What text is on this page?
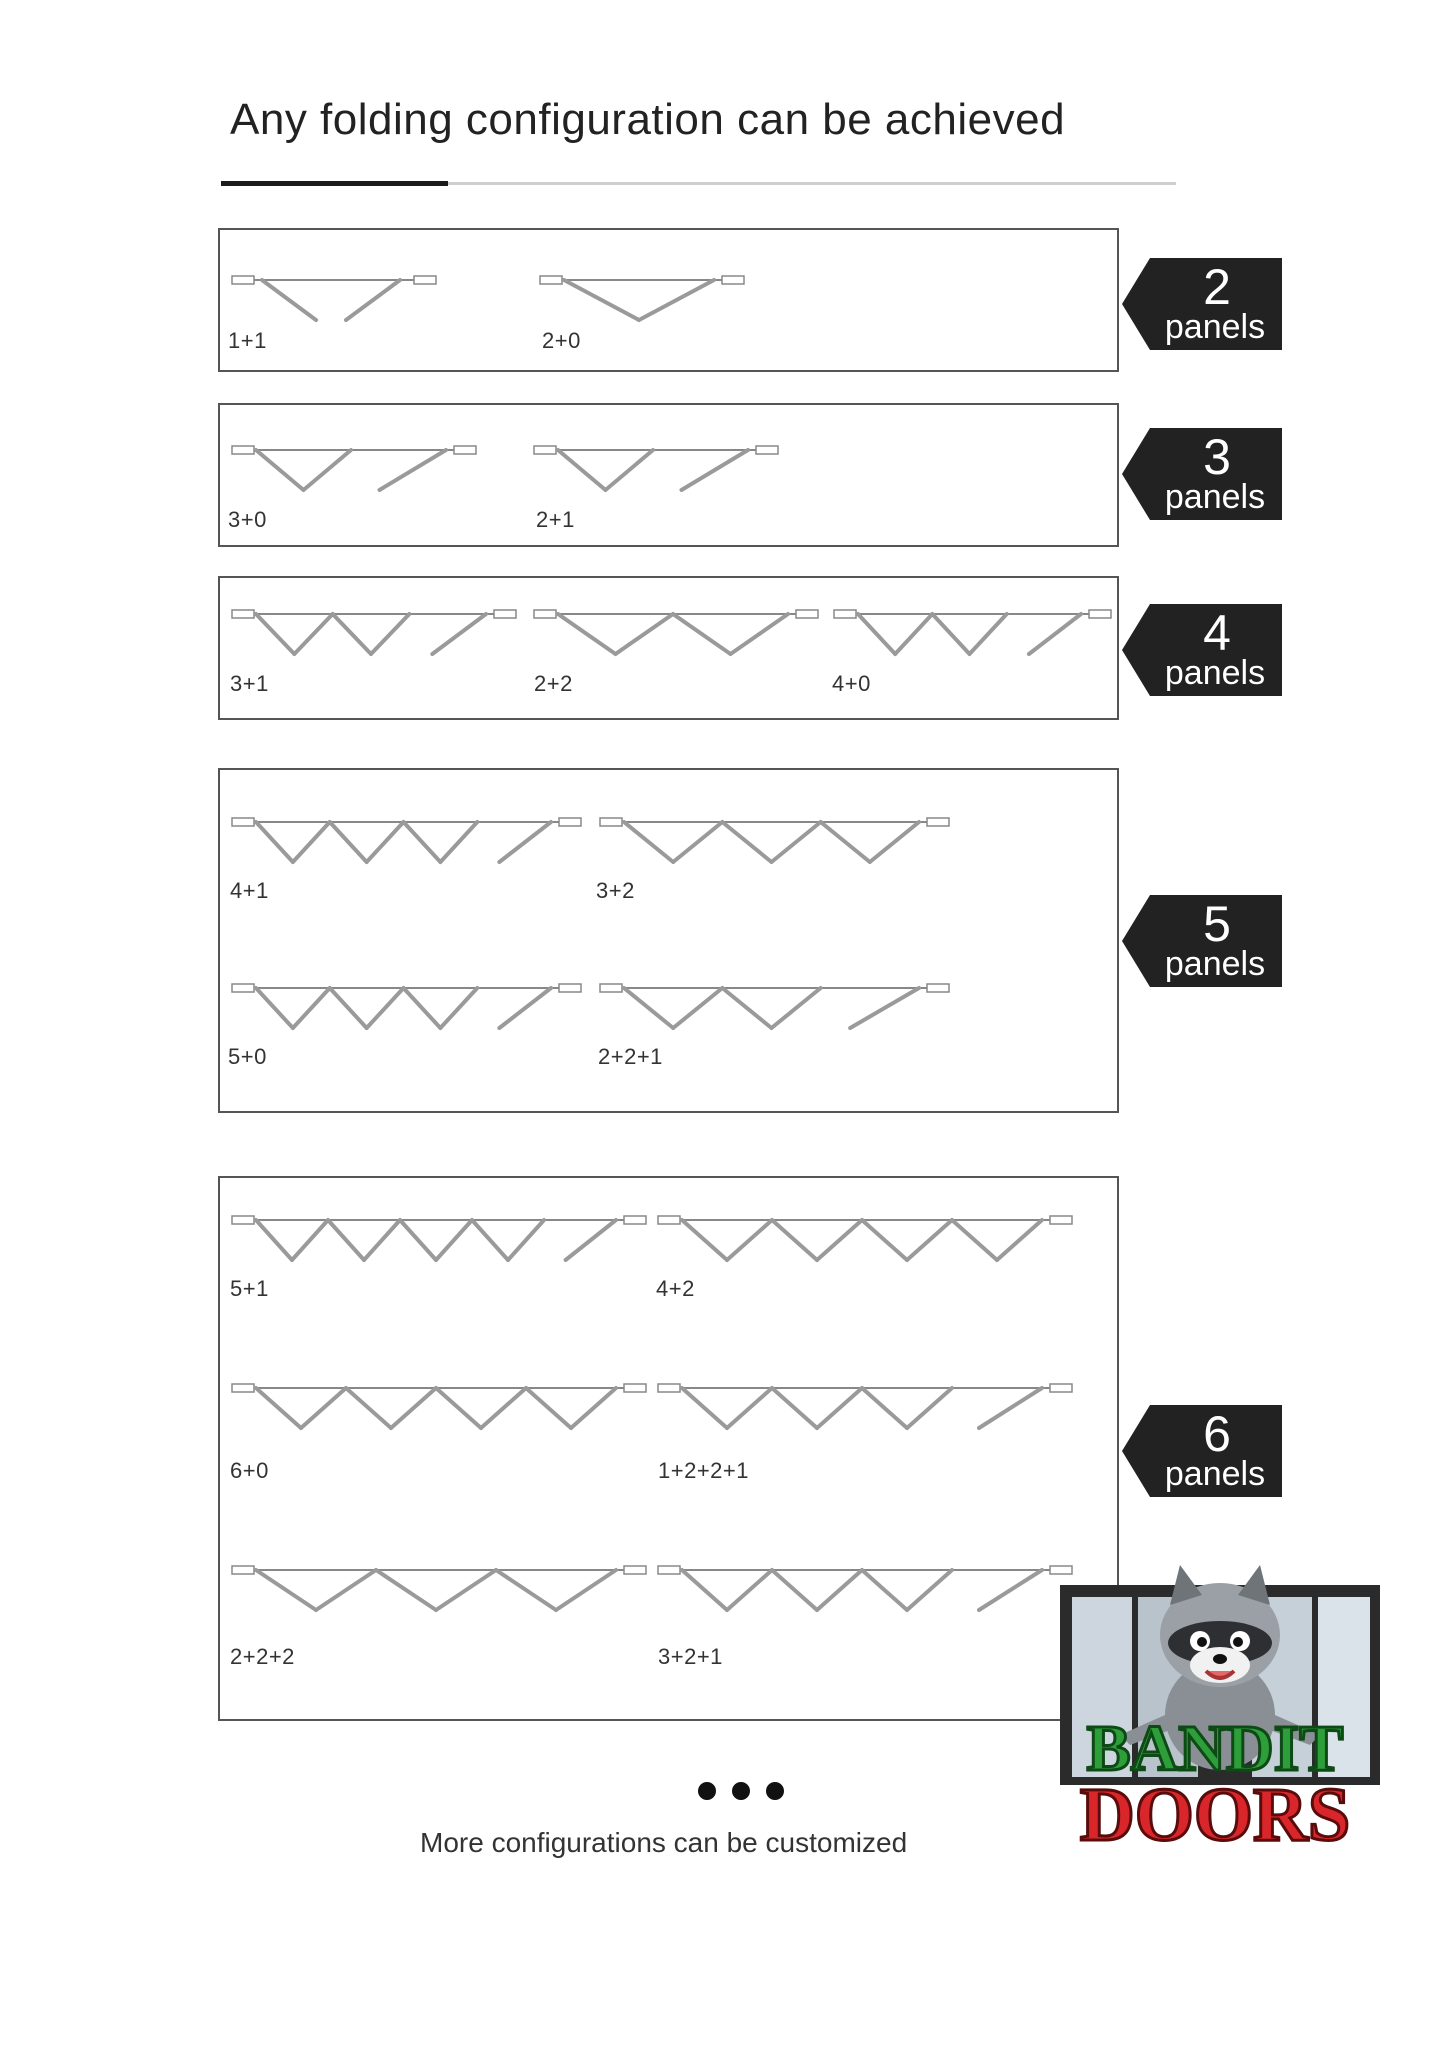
Any folding configuration can be achieved
1+1	2+0
2
panels
3+0	2+1
3
panels
3+1	2+2	4+0
4
panels
4+1	3+2
5+0	2+2+1
5
panels
5+1	4+2
6+0	1+2+2+1
2+2+2	3+2+1
6
panels
More configurations can be customized
BANDIT
DOORS
